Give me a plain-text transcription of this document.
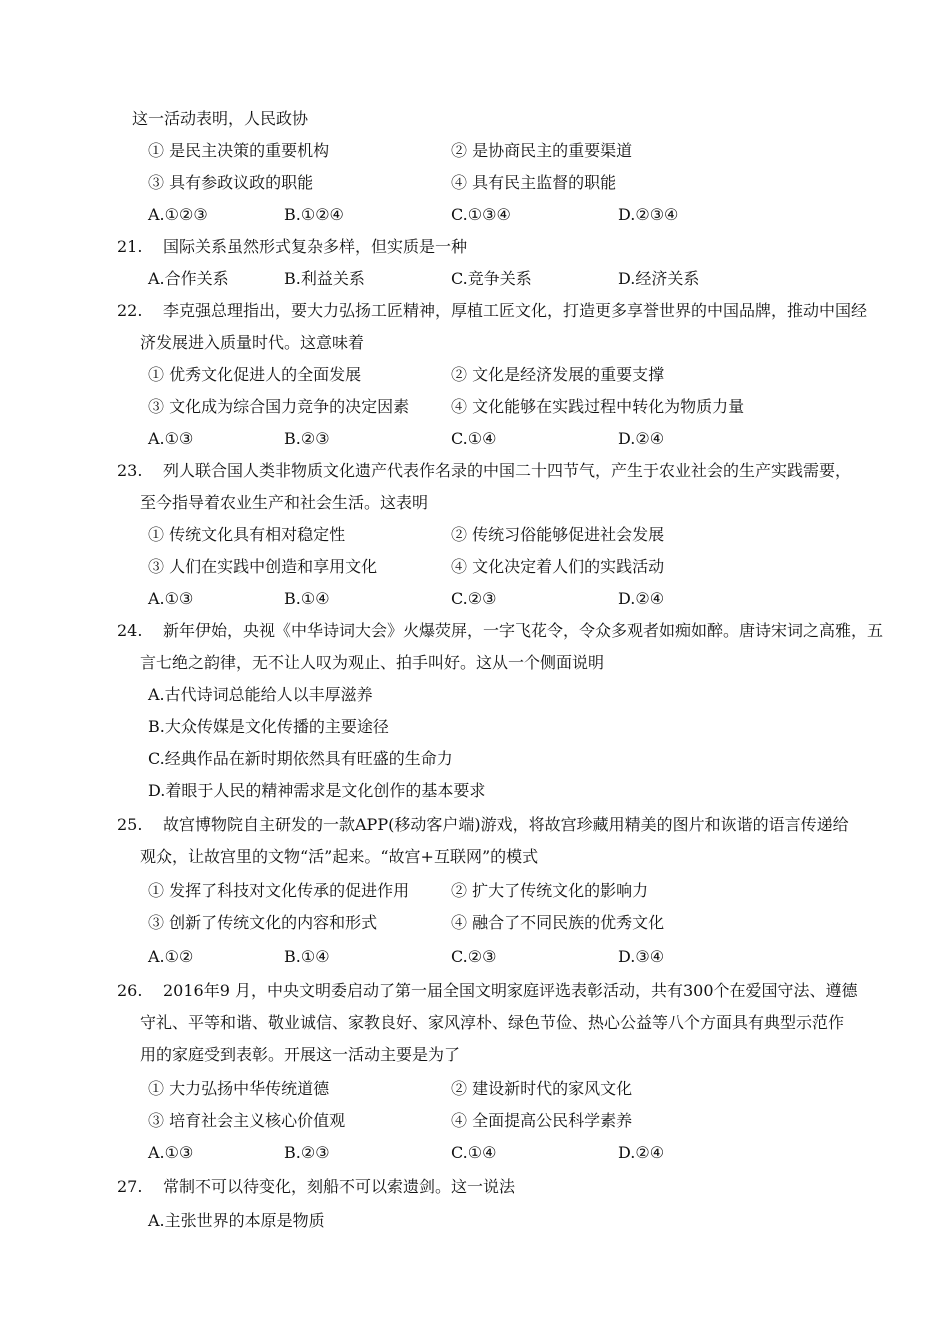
这一活动表明，人民政协
① 是民主决策的重要机构	② 是协商民主的重要渠道
③ 具有参政议政的职能	④ 具有民主监督的职能
A.①②③	B.①②④	C.①③④	D.②③④
21. 国际关系虽然形式复杂多样，但实质是一种
A.合作关系	B.利益关系	C.竞争关系	D.经济关系
22. 李克强总理指出，要大力弘扬工匠精神，厚植工匠文化，打造更多享誉世界的中国品牌，推动中国经
济发展进入质量时代。这意味着
① 优秀文化促进人的全面发展	② 文化是经济发展的重要支撑
③ 文化成为综合国力竞争的决定因素	④ 文化能够在实践过程中转化为物质力量
A.①③	B.②③	C.①④	D.②④
23. 列人联合国人类非物质文化遗产代表作名录的中国二十四节气，产生于农业社会的生产实践需要，
至今指导着农业生产和社会生活。这表明
① 传统文化具有相对稳定性	② 传统习俗能够促进社会发展
③ 人们在实践中创造和享用文化	④ 文化决定着人们的实践活动
A.①③	B.①④	C.②③	D.②④
24. 新年伊始，央视《中华诗词大会》火爆荧屏，一字飞花令，令众多观者如痴如醉。唐诗宋词之高雅，五
言七绝之韵律，无不让人叹为观止、拍手叫好。这从一个侧面说明
A.古代诗词总能给人以丰厚滋养
B.大众传媒是文化传播的主要途径
C.经典作品在新时期依然具有旺盛的生命力
D.着眼于人民的精神需求是文化创作的基本要求
25. 故宫博物院自主研发的一款APP(移动客户端)游戏，将故宫珍藏用精美的图片和诙谐的语言传递给
观众，让故宫里的文物“活”起来。“故宫+互联网”的模式
① 发挥了科技对文化传承的促进作用	② 扩大了传统文化的影响力
③ 创新了传统文化的内容和形式	④ 融合了不同民族的优秀文化
A.①②	B.①④	C.②③	D.③④
26. 2016年9 月，中央文明委启动了第一届全国文明家庭评选表彰活动，共有300个在爱国守法、遵德
守礼、平等和谐、敬业诚信、家教良好、家风淳朴、绿色节俭、热心公益等八个方面具有典型示范作
用的家庭受到表彰。开展这一活动主要是为了
① 大力弘扬中华传统道德	② 建设新时代的家风文化
③ 培育社会主义核心价值观	④ 全面提高公民科学素养
A.①③	B.②③	C.①④	D.②④
27. 常制不可以待变化，刻船不可以索遗剑。这一说法
A.主张世界的本原是物质
